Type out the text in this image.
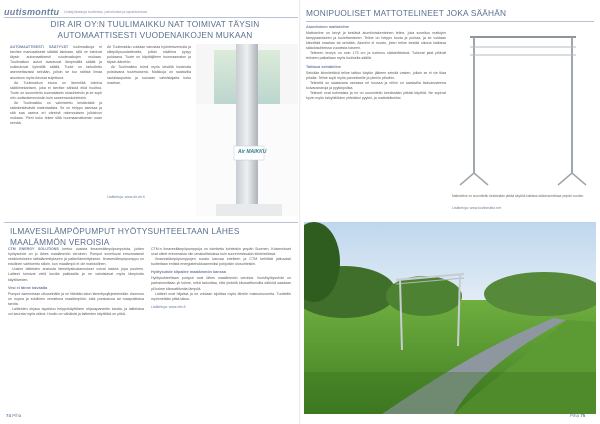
uutismonttu Uutisjulkaisuja tuotteista, palveluista ja tapahtumista
DIR AIR OY:N TUULIMAIKKU NAT TOIMIVAT TÄYSIN AUTOMAATTISESTI VUODENAIKOJEN MUKAAN

AUTOMAATTISESTI SÄÄTYVÄT tuulimaikkuja ei tarvitse manuaalisesti säätää lainkaan, sillä ne toimivat täysin automaattisesti vuodenaikojen mukaan. Tuulimaikun aukot avautuvat lämpimällä säällä ja sulkeutuvat kylmällä säällä. Tuote on tarkoitettu asennettavaksi seinään, jolloin se tuo raitista ilmaa asuntoon myös ikkunat suljettuna.

Air Tuulimaikun etuna on lämmöllä toimiva säätömekanismi, joka ei tarvitse sähköä eikä huoltoa. Tuote on suunniteltu suomalaisiin olosuhteisiin ja se sopii niin uudisrakennuksiin kuin saneerauskohteisiin.

Air Tuulimaikku on valmistettu kestävästä ja säänkestävästä materiaalista. Se on helppo asentaa ja sitä saa useina eri väreinä rakennuksen julkisivun mukaan. Pieni koko tekee siitä huomaamattoman osan seinää.

Air Tuulimaikku voidaan varustaa hyönteisverkolla ja siitepölysuodattimella, jolloin sisäilma pysyy puhtaana. Tuote on käyttäjilleen huomaamaton ja täysin äänetön.

Air Tuulimaikku toimii myös kesällä kosteutta poistavana tuuletuksena. Maikkuja on saatavilla rautakaupoista ja suoraan valmistajalta koko maahan.

Lisätietoja: www.dir-air.fi
Air MAIKKU
ILMAVESILÄMPÖPUMPUT HYÖTYSUHTEELTAAN LÄHES MAALÄMMÖN VEROISIA

CTM ENERGY SOLUTIONS kertoo uusista ilmavesilämpöpumpuista, joiden hyötysuhde on jo lähes maalämmön veroinen. Pumput soveltuvat erinomaisesti vesikiertoiseen lattialämmitykseen ja patterilämmitykseen. Ilmavesilämpöpumppu on edullinen vaihtoehto silloin, kun maalämpö ei ole mahdollinen.

Uusien laitteiden ansiosta lämmityskustannukset voivat laskea jopa puoleen. Laitteet toimivat vielä kovilla pakkasilla ja ne valmistavat myös lämpimän käyttöveden.

Vesi ei tänne taivaalta

Pumput asennetaan ulkoseinälle ja ne liitetään talon lämmitysjärjestelmään. Asennus on nopea ja edullinen verrattuna maalämpöön, eikä porakaivoa tai maaputkistoa tarvita.

Laitteiden ohjaus tapahtuu helppokäyttöisen ohjauspaneelin kautta, ja laitteistoa voi seurata myös etänä. Huolto on vähäistä ja laitteiden käyttöikä on pitkä.

CTM:n ilmavesilämpöpumppuja on toimitettu kohteisiin ympäri Suomen. Kokemukset ovat olleet erinomaisia niin omakotitaloissa kuin suuremmissakin kiinteistöissä.

Ilmavesilämpöpumppujen suosio kasvaa edelleen ja CTM kehittää jatkuvasti tuotteitaan entistä energiatehokkaammiksi pohjoisiin olosuhteisiin.

Hyötysuhde kilpailee maalämmön kanssa

Hyötysuhteeltaan pumput ovat lähes maalämmön veroisia. Vuosihyötysuhde on parhaimmillaan yli kolme, mikä tarkoittaa, että yhdellä kilowattitunnilla sähköä saadaan yli kolme kilowattituntia lämpöä.

Laitteet ovat hiljaisia ja ne voidaan sijoittaa myös lähelle makuuhuoneita. Tuotteille myönnetään pitkä takuu.

Lisätietoja: www.ctm.fi
74 Piha
MONIPUOLISET MATTOTELINEET JOKA SÄÄHÄN

Alumiininen mattoteline

Mattoteline on kevyt ja kestävä alumiinirakenteinen teline, joka soveltuu mattojen tamppaamiseen ja tuulettamiseen. Teline on helppo koota ja purkaa, ja se voidaan kiinnittää maahan tai seinään. Alumiini ei ruostu, joten teline kestää ulkona kaikissa sääolosuhteissa vuodesta toiseen.

Telineen leveys on noin 175 cm ja korkeus säädettävissä. Tukevat jalat pitävät telineen paikallaan myös tuulisella säällä.

Taittuva seinäteline

Seinään kiinnitettävä teline taittuu käytön jälkeen seinää vasten, jolloin se ei vie tilaa pihalla. Teline sopii myös parvekkeille ja pieniin pihoihin.

Telineitä on saatavana useassa eri koossa ja niihin on saatavilla lisävarusteena kuivausnaruja ja pyykkipoikia.

Telineet ovat kotimaisia ja ne on suunniteltu kestämään pitkää käyttöä. Ne sopivat hyvin myös taloyhtiöiden yhteisiksi pyykki- ja mattotelineiksi.

Mattoteline on suunniteltu kestämään pitkää käyttöä kaikissa sääolosuhteissa ympäri vuoden.
Lisätietoja: www.kodinmatto.net
Piha 75
